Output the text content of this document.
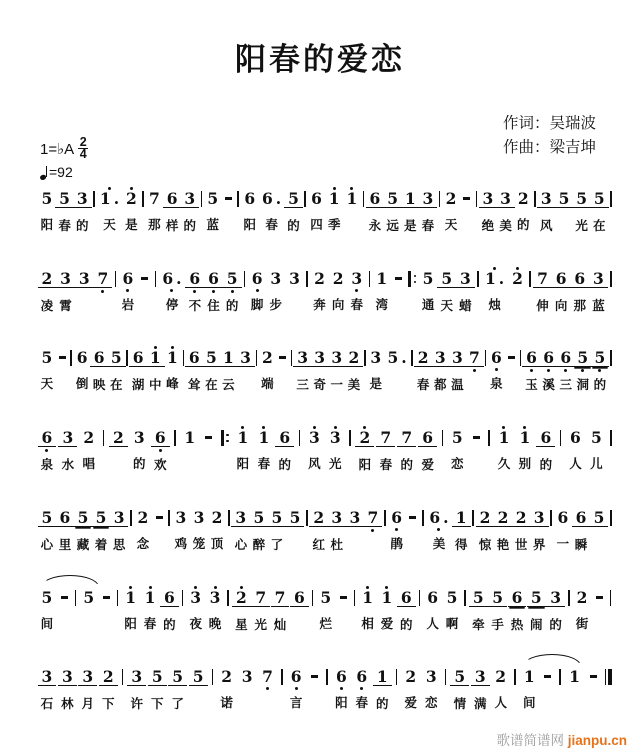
阳春的爱恋
作词：吴瑞波
作曲：梁吉坤
1=♭A $\frac{2}{4}$
=92
5
阳
5
春
3
的
1 .
天
2
是
7
那
6
样
3
的
5
蓝
6
阳
6 .
春
5
的
6
四
1
季
1 6
永
5
远
1
是
3
春
2
天
3
绝
3
美
2
的
3
风
5 5
光
5
在
2
凌
3
霄
3 7 6
岩
6 .
停
6
不
6
住
5
的
6
脚
3
步
3 2
奔
2
向
3
春
1
湾
5
通
5
天
3
蜡
1 .
烛
2 7
伸
6
向
6
那
3
蓝
5
天
6
倒
6
映
5
在
6
湖
1
中
1
峰
6
耸
5
在
1
云
3 2
端
3
三
3
奇
3
一
2
美
3
是
5 . 2
春
3
都
3
温
7 6
泉
6
玉
6
溪
6
三
5
洞
5
的
6
泉
3
水
2
唱
2 3
的
6
欢
1	1
阳
1
春
6
的
3
风
3
光
2
阳
7
春
7
的
6
爱
5
恋
1
久
1
别
6
的
6
人
5
儿
5
心
6
里
5
藏
5
着
3
思
2
念
3
鸡
3
笼
2
顶
3
心
5
醉
5
了
5 2
红
3
杜
3 7 6
鹃
6 .
美
1
得
2
惊
2
艳
2
世
3
界
6
一
6
瞬
5
5
间
5 1
阳
1
春
6
的
3
夜
3
晚
2
星
7
光
7
灿
6 5
烂
1
相
1
爱
6
的
6
人
5
啊
5
牵
5
手
6
热
5
闹
3
的
2
街
3
石
3
林
3
月
2
下
3
许
5
下
5
了
5 2
诺
3 7 6
言
6
阳
6
春
1
的
2
爱
3
恋
5
情
3
满
2
人
1
间
1
歌谱简谱网 jianpu.cn
